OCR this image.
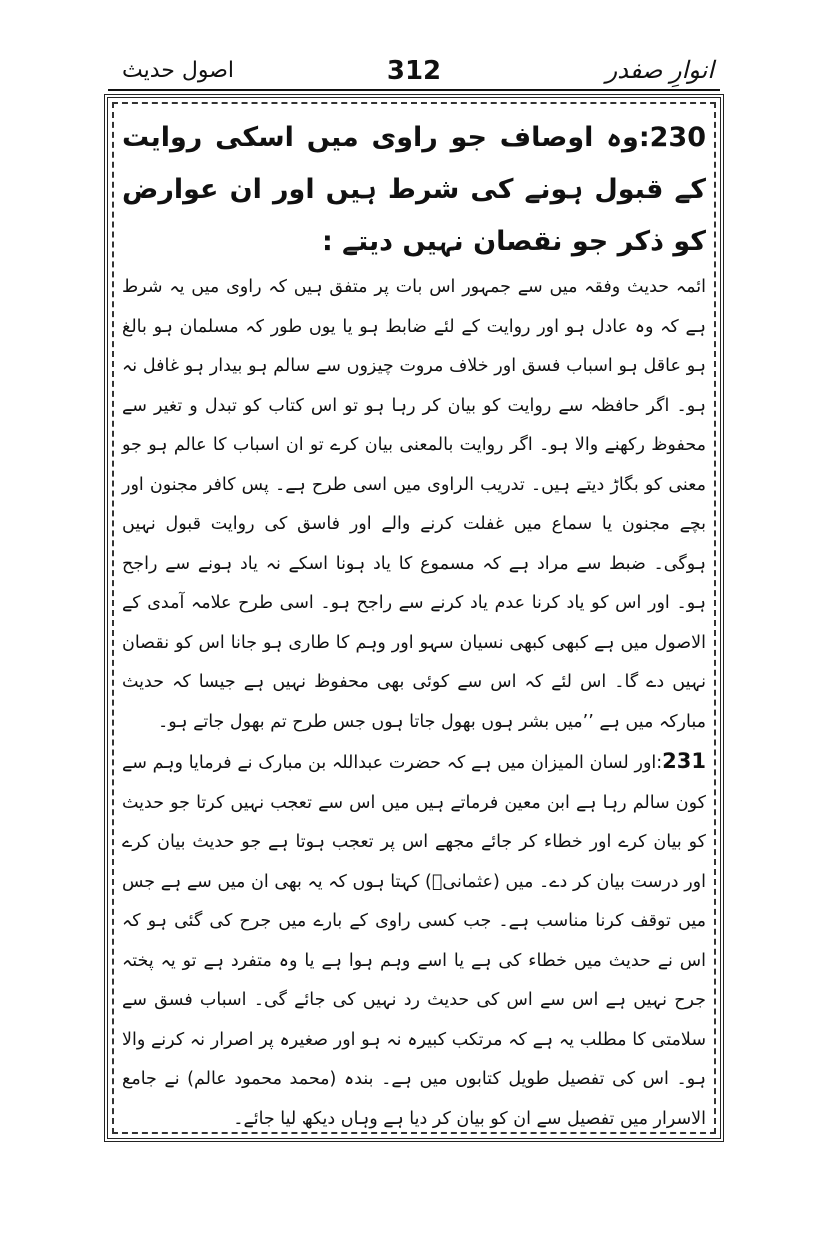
اصول حدیث	312	انوارِ صفدر
230:وہ اوصاف جو راوی میں اسکی روایت کے قبول ہونے کی شرط ہیں اور ان عوارض کو ذکر جو نقصان نہیں دیتے :

ائمہ حدیث وفقہ میں سے جمہور اس بات پر متفق ہیں کہ راوی میں یہ شرط ہے کہ وہ عادل ہو اور روایت کے لئے ضابط ہو یا یوں طور کہ مسلمان ہو بالغ ہو عاقل ہو اسباب فسق اور خلاف مروت چیزوں سے سالم ہو بیدار ہو غافل نہ ہو۔ اگر حافظہ سے روایت کو بیان کر رہا ہو تو اس کتاب کو تبدل و تغیر سے محفوظ رکھنے والا ہو۔ اگر روایت بالمعنی بیان کرے تو ان اسباب کا عالم ہو جو معنی کو بگاڑ دیتے ہیں۔ تدریب الراوی میں اسی طرح ہے۔ پس کافر مجنون اور بچے مجنون یا سماع میں غفلت کرنے والے اور فاسق کی روایت قبول نہیں ہوگی۔ ضبط سے مراد ہے کہ مسموع کا یاد ہونا اسکے نہ یاد ہونے سے راجح ہو۔ اور اس کو یاد کرنا عدم یاد کرنے سے راجح ہو۔ اسی طرح علامہ آمدی کے الاصول میں ہے کبھی کبھی نسیان سہو اور وہم کا طاری ہو جانا اس کو نقصان نہیں دے گا۔ اس لئے کہ اس سے کوئی بھی محفوظ نہیں ہے جیسا کہ حدیث مبارکہ میں ہے ’’میں بشر ہوں بھول جاتا ہوں جس طرح تم بھول جاتے ہو۔

231:اور لسان المیزان میں ہے کہ حضرت عبداللہ بن مبارک نے فرمایا وہم سے کون سالم رہا ہے ابن معین فرماتے ہیں میں اس سے تعجب نہیں کرتا جو حدیث کو بیان کرے اور خطاء کر جائے مجھے اس پر تعجب ہوتا ہے جو حدیث بیان کرے اور درست بیان کر دے۔ میں (عثمانیؒ) کہتا ہوں کہ یہ بھی ان میں سے ہے جس میں توقف کرنا مناسب ہے۔ جب کسی راوی کے بارے میں جرح کی گئی ہو کہ اس نے حدیث میں خطاء کی ہے یا اسے وہم ہوا ہے یا وہ متفرد ہے تو یہ پختہ جرح نہیں ہے اس سے اس کی حدیث رد نہیں کی جائے گی۔ اسباب فسق سے سلامتی کا مطلب یہ ہے کہ مرتکب کبیرہ نہ ہو اور صغیرہ پر اصرار نہ کرنے والا ہو۔ اس کی تفصیل طویل کتابوں میں ہے۔ بندہ (محمد محمود عالم) نے جامع الاسرار میں تفصیل سے ان کو بیان کر دیا ہے وہاں دیکھ لیا جائے۔
